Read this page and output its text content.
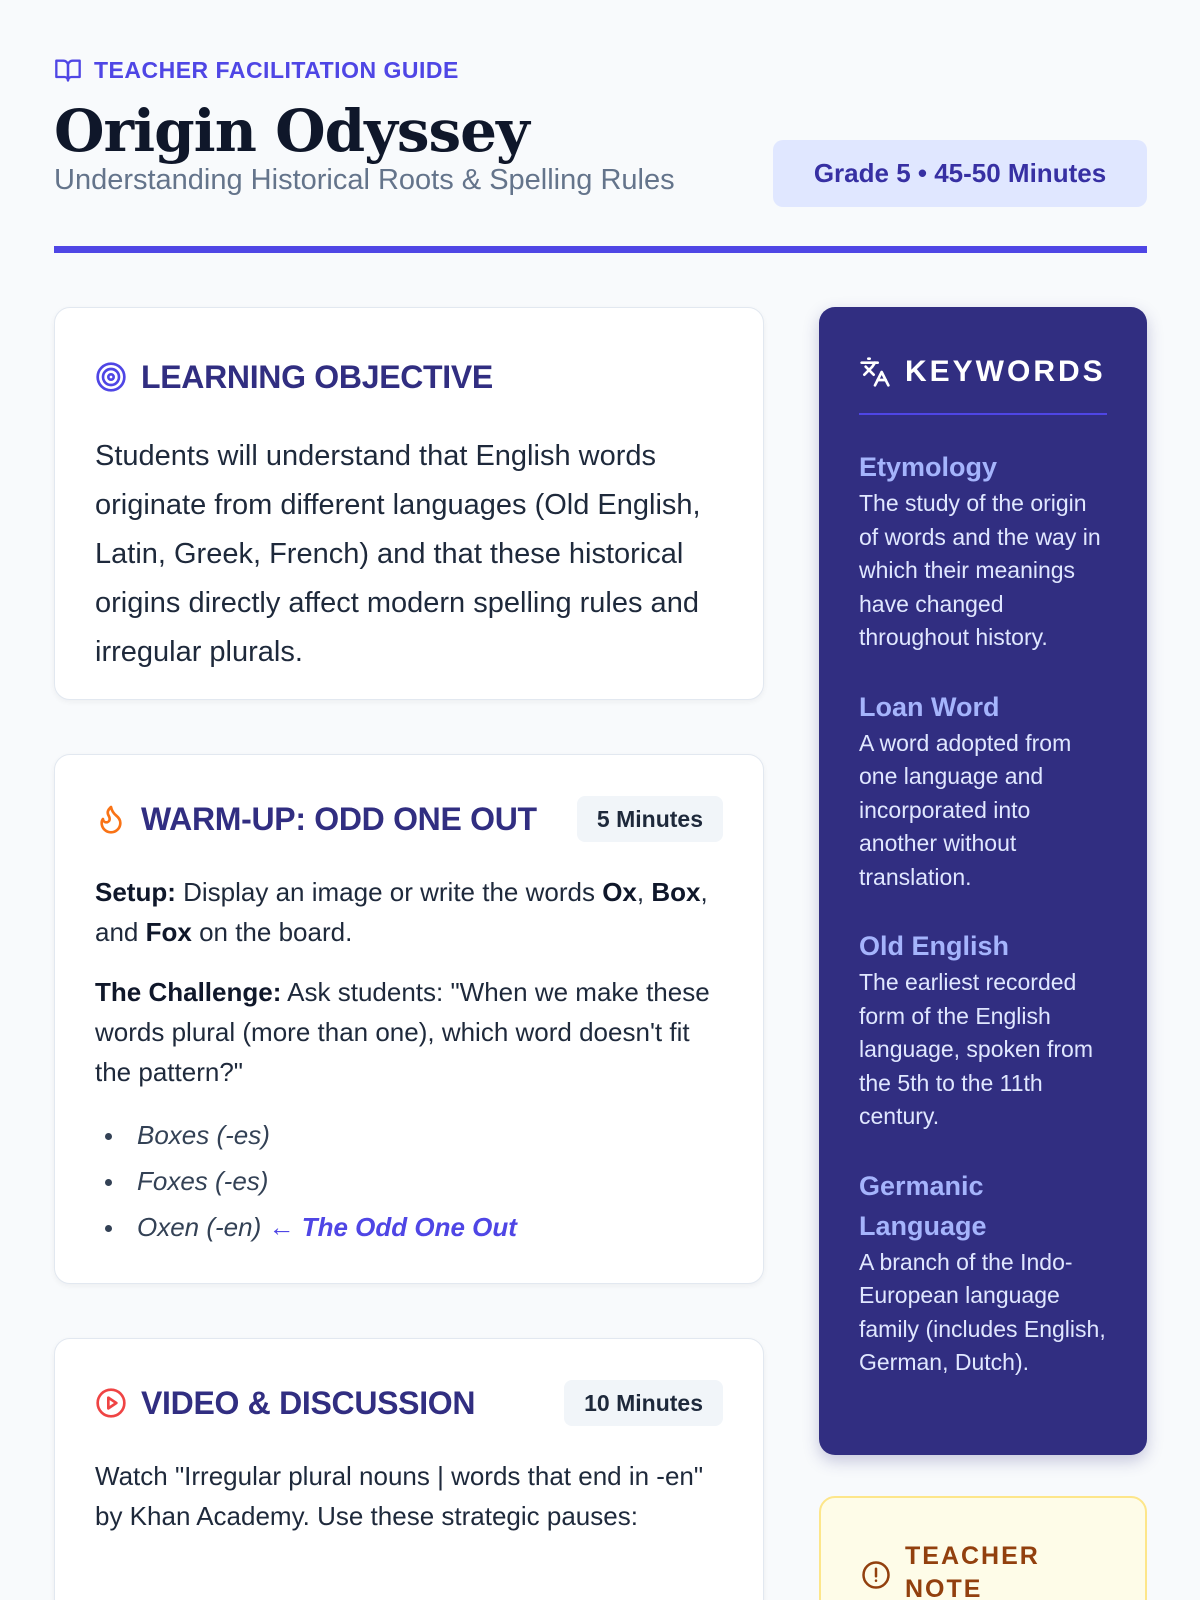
TEACHER FACILITATION GUIDE
Origin Odyssey
Understanding Historical Roots & Spelling Rules	Grade 5 • 45-50 Minutes
LEARNING OBJECTIVE

Students will understand that English words originate from different languages (Old English, Latin, Greek, French) and that these historical origins directly affect modern spelling rules and irregular plurals.

WARM-UP: ODD ONE OUT	5 Minutes

Setup: Display an image or write the words Ox, Box, and Fox on the board.

The Challenge: Ask students: "When we make these words plural (more than one), which word doesn't fit the pattern?"

Boxes (-es)
Foxes (-es)
Oxen (-en) ← The Odd One Out
VIDEO & DISCUSSION	10 Minutes

Watch "Irregular plural nouns | words that end in -en" by Khan Academy. Use these strategic pauses:

KEYWORDS
Etymology
The study of the origin of words and the way in which their meanings have changed throughout history.
Loan Word
A word adopted from one language and incorporated into another without translation.
Old English
The earliest recorded form of the English language, spoken from the 5th to the 11th century.
Germanic Language
A branch of the Indo-European language family (includes English, German, Dutch).
TEACHER NOTE
